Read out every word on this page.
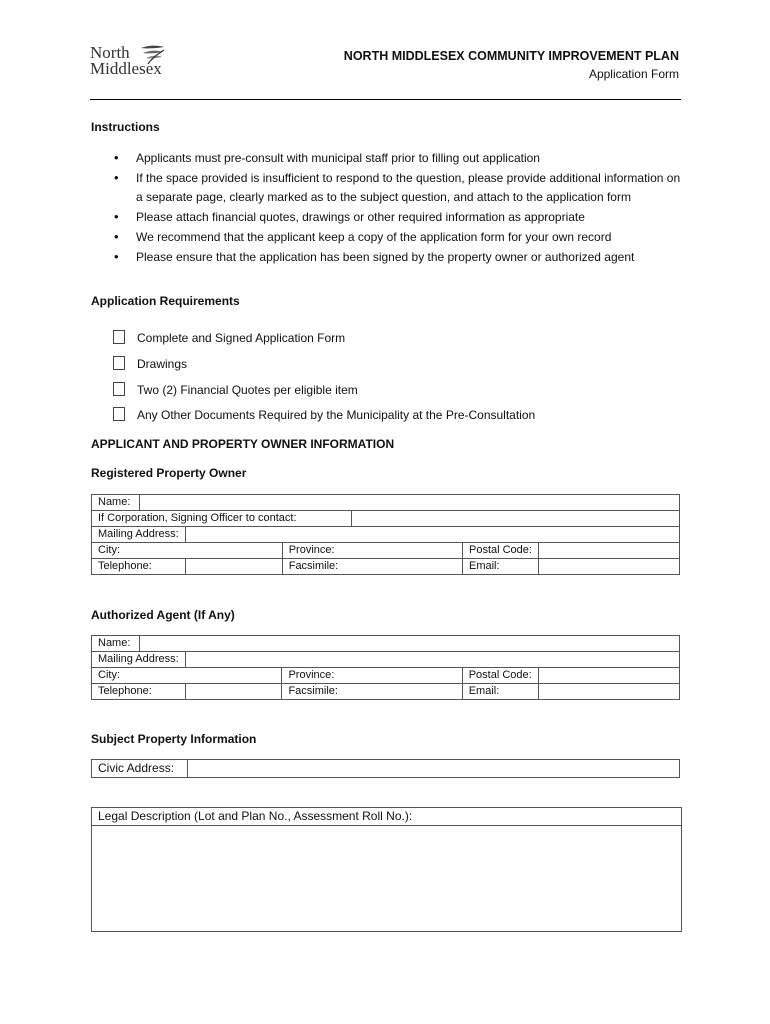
North
Middlesex
NORTH MIDDLESEX COMMUNITY IMPROVEMENT PLAN
Application Form
Instructions
• Applicants must pre-consult with municipal staff prior to filling out application
• If the space provided is insufficient to respond to the question, please provide additional information on a separate page, clearly marked as to the subject question, and attach to the application form
• Please attach financial quotes, drawings or other required information as appropriate
• We recommend that the applicant keep a copy of the application form for your own record
• Please ensure that the application has been signed by the property owner or authorized agent
Application Requirements
Complete and Signed Application Form
Drawings
Two (2) Financial Quotes per eligible item
Any Other Documents Required by the Municipality at the Pre-Consultation
APPLICANT AND PROPERTY OWNER INFORMATION
Registered Property Owner
Name:						
If Corporation, Signing Officer to contact:						
Mailing Address:						
City:			Province:		Postal Code:	
Telephone:			Facsimile:		Email:	
Authorized Agent (If Any)
Name:					
Mailing Address:					
City:			Province:	Postal Code:	
Telephone:			Facsimile:	Email:	
Subject Property Information
Civic Address:	
Legal Description (Lot and Plan No., Assessment Roll No.):
